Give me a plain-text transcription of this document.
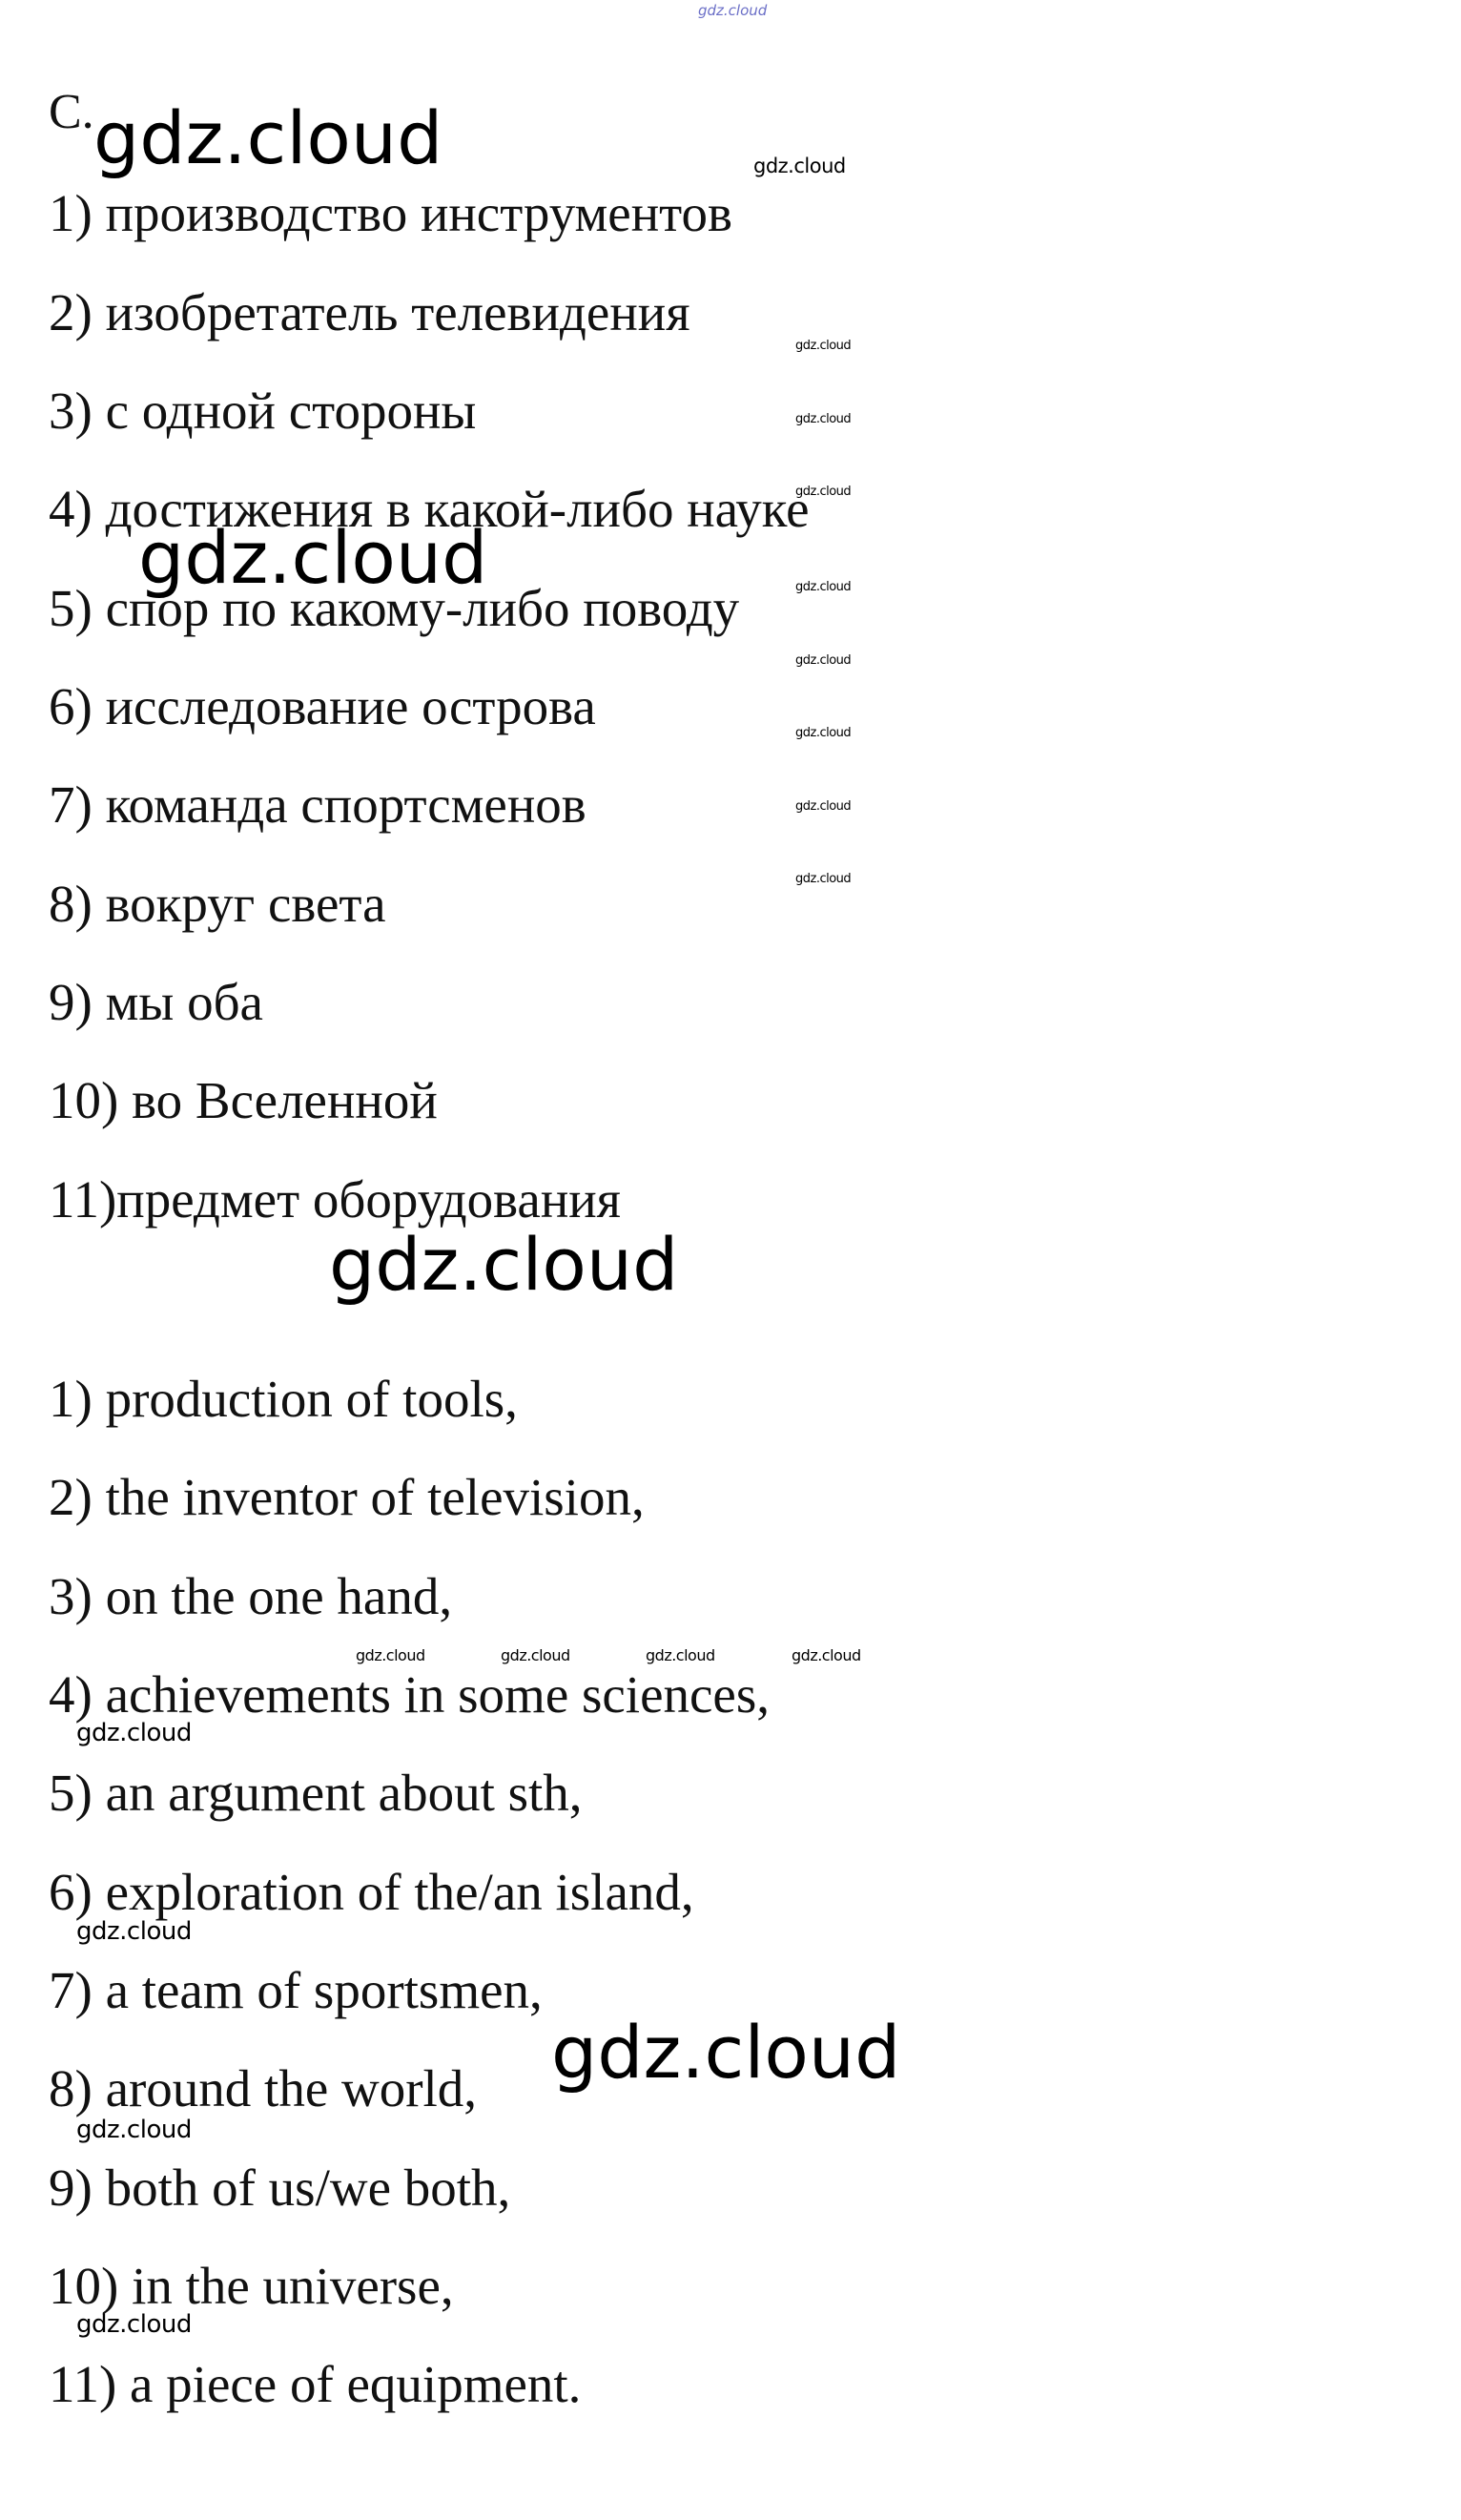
gdz.cloud
С.

1) производство инструментов

2) изобретатель телевидения

3) с одной стороны

4) достижения в какой-либо науке

5) спор по какому-либо поводу

6) исследование острова

7) команда спортсменов

8) вокруг света

9) мы оба

10) во Вселенной

11)предмет оборудования

1) production of tools,

2) the inventor of television,

3) on the one hand,

4) achievements in some sciences,

5) an argument about sth,

6) exploration of the/an island,

7) a team of sportsmen,

8) around the world,

9) both of us/we both,

10) in the universe,

11) a piece of equipment.

gdz.cloud
gdz.cloud
gdz.cloud
gdz.cloud
gdz.cloud
gdz.cloud
gdz.cloud
gdz.cloud
gdz.cloud
gdz.cloud	gdz.cloud	gdz.cloud	gdz.cloud
gdz.cloud
gdz.cloud
gdz.cloud
gdz.cloud
gdz.cloud
gdz.cloud
gdz.cloud
gdz.cloud
